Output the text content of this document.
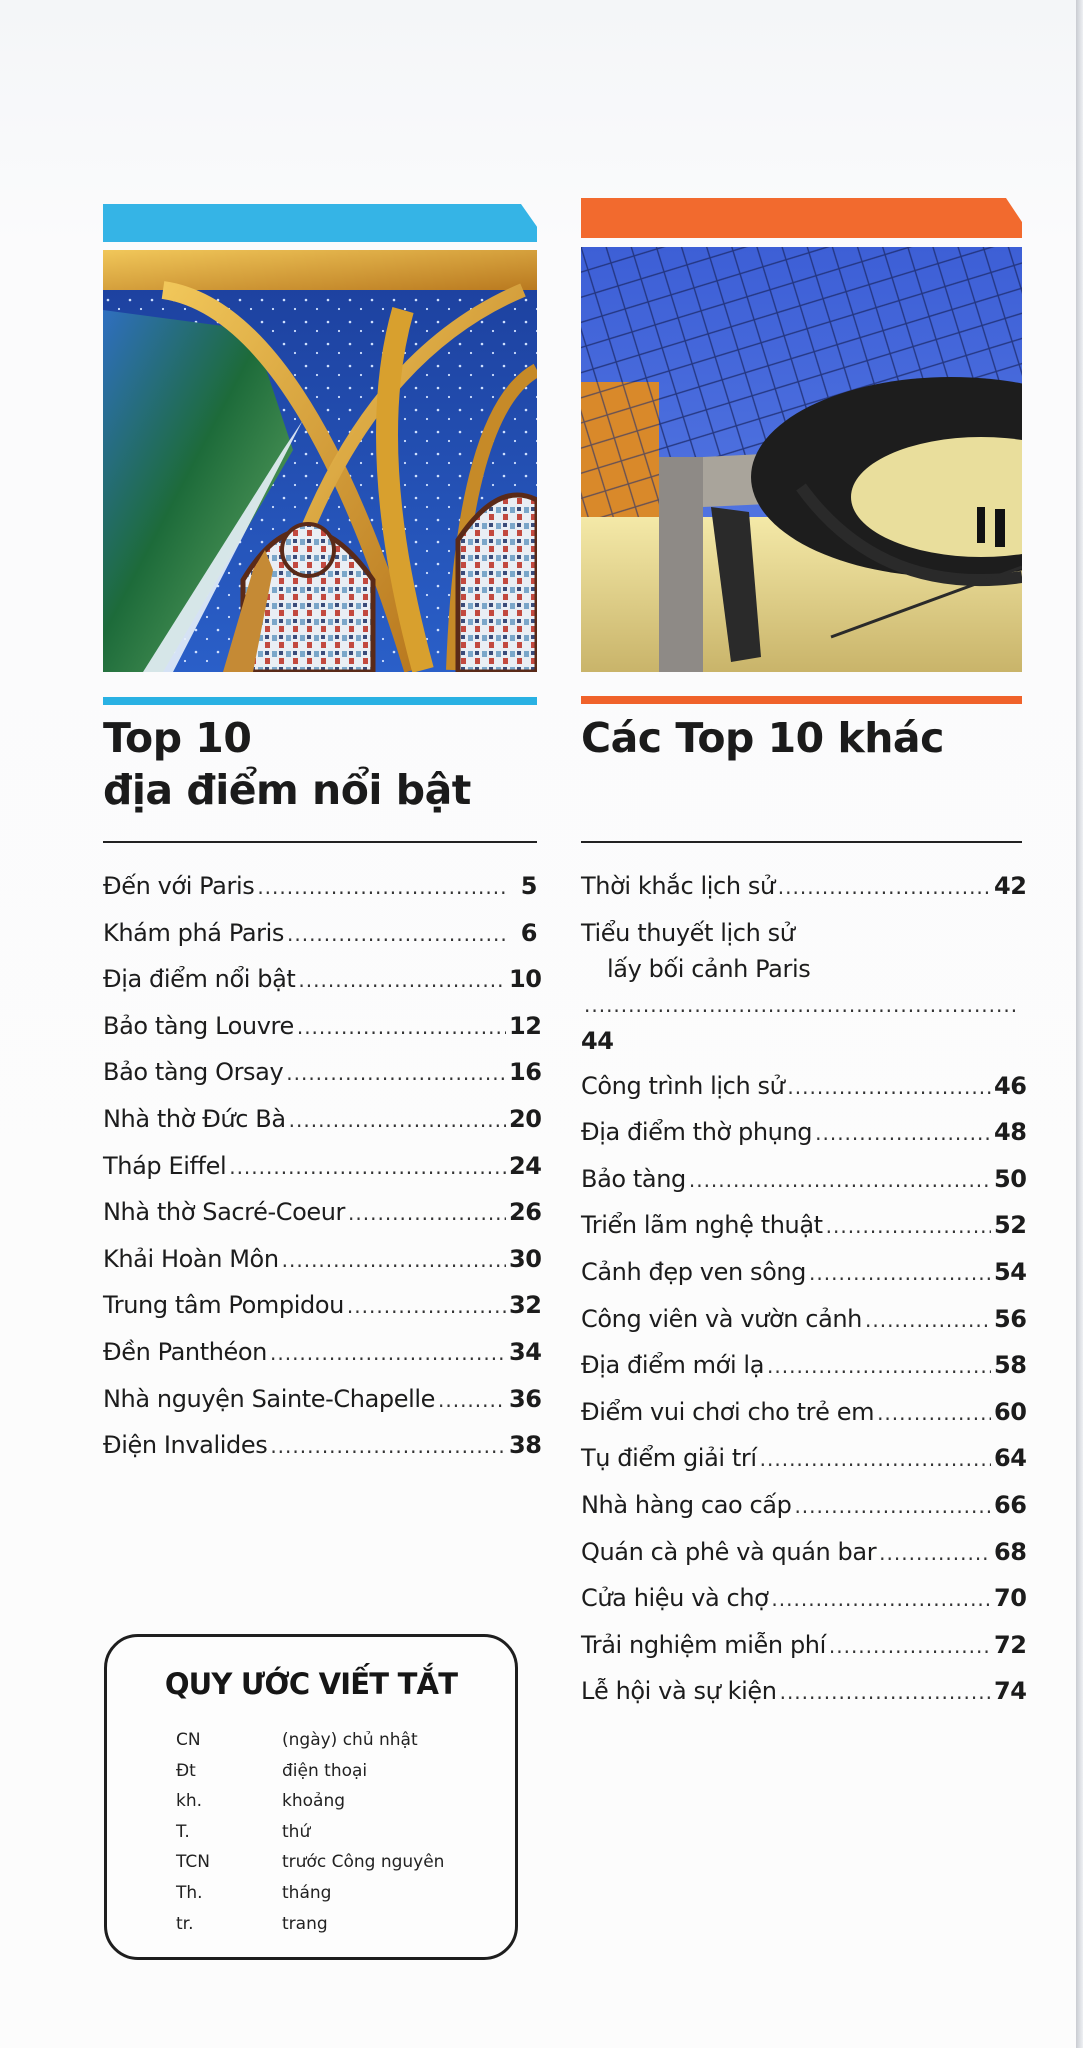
Top 10
địa điểm nổi bật
Đến với Paris .....	5
Khám phá Paris .....	6
Địa điểm nổi bật .....	10
Bảo tàng Louvre .....	12
Bảo tàng Orsay .....	16
Nhà thờ Đức Bà .....	20
Tháp Eiffel .....	24
Nhà thờ Sacré-Coeur .....	26
Khải Hoàn Môn .....	30
Trung tâm Pompidou .....	32
Đền Panthéon .....	34
Nhà nguyện Sainte-Chapelle .....	36
Điện Invalides .....	38
Các Top 10 khác
Thời khắc lịch sử .....	42
Tiểu thuyết lịch sử
lấy bối cảnh Paris
.....
44
Công trình lịch sử .....	46
Địa điểm thờ phụng .....	48
Bảo tàng .....	50
Triển lãm nghệ thuật .....	52
Cảnh đẹp ven sông .....	54
Công viên và vườn cảnh .....	56
Địa điểm mới lạ .....	58
Điểm vui chơi cho trẻ em .....	60
Tụ điểm giải trí .....	64
Nhà hàng cao cấp .....	66
Quán cà phê và quán bar .....	68
Cửa hiệu và chợ .....	70
Trải nghiệm miễn phí .....	72
Lễ hội và sự kiện .....	74
QUY ƯỚC VIẾT TẮT
CN	(ngày) chủ nhật
Đt	điện thoại
kh.	khoảng
T.	thứ
TCN	trước Công nguyên
Th.	tháng
tr.	trang
